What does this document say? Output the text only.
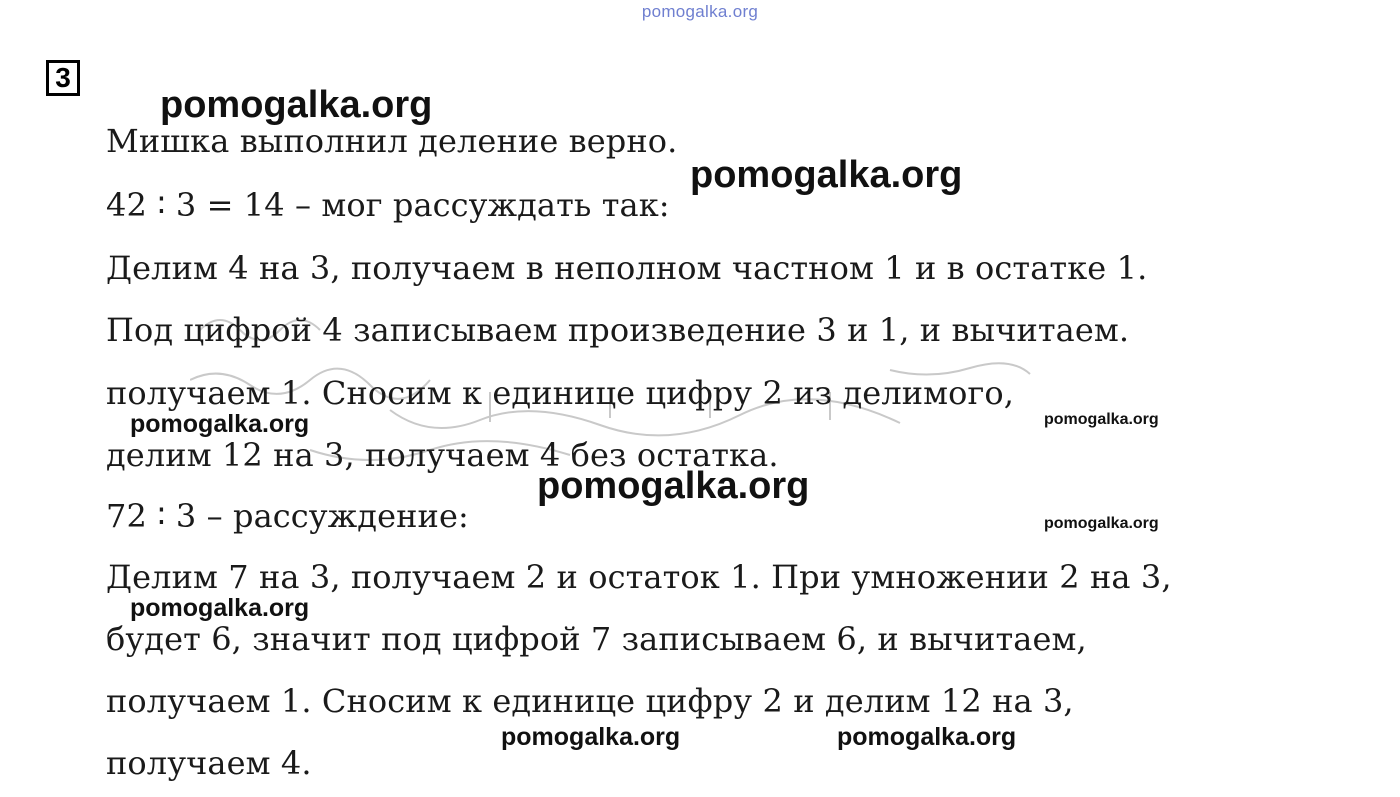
pomogalka.org
3
Мишка выполнил деление верно.
42 ∶ 3 = 14 – мог рассуждать так:
Делим 4 на 3, получаем в неполном частном 1 и в остатке 1.
Под цифрой 4 записываем произведение 3 и 1, и вычитаем.
получаем 1. Сносим к единице цифру 2 из делимого,
делим 12 на 3, получаем 4 без остатка.
72 ∶ 3 – рассуждение:
Делим 7 на 3, получаем 2 и остаток 1. При умножении 2 на 3,
будет 6, значит под цифрой 7 записываем 6, и вычитаем,
получаем 1. Сносим к единице цифру 2 и делим 12 на 3,
получаем 4.
pomogalka.org
pomogalka.org
pomogalka.org	pomogalka.org
pomogalka.org
pomogalka.org
pomogalka.org
pomogalka.org	pomogalka.org
